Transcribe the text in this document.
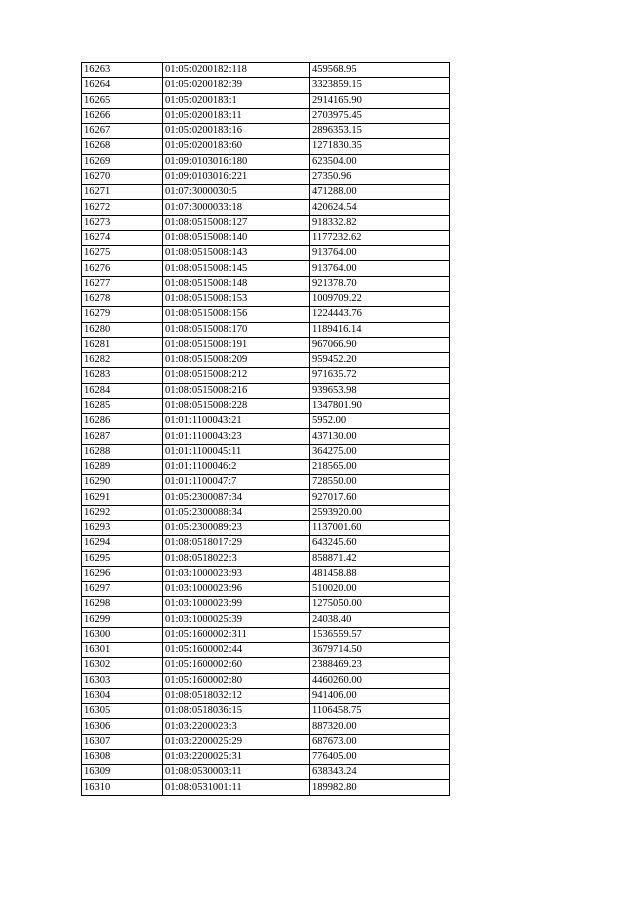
16263	01:05:0200182:118	459568.95
16264	01:05:0200182:39	3323859.15
16265	01:05:0200183:1	2914165.90
16266	01:05:0200183:11	2703975.45
16267	01:05:0200183:16	2896353.15
16268	01:05:0200183:60	1271830.35
16269	01:09:0103016:180	623504.00
16270	01:09:0103016:221	27350.96
16271	01:07:3000030:5	471288.00
16272	01:07:3000033:18	420624.54
16273	01:08:0515008:127	918332.82
16274	01:08:0515008:140	1177232.62
16275	01:08:0515008:143	913764.00
16276	01:08:0515008:145	913764.00
16277	01:08:0515008:148	921378.70
16278	01:08:0515008:153	1009709.22
16279	01:08:0515008:156	1224443.76
16280	01:08:0515008:170	1189416.14
16281	01:08:0515008:191	967066.90
16282	01:08:0515008:209	959452.20
16283	01:08:0515008:212	971635.72
16284	01:08:0515008:216	939653.98
16285	01:08:0515008:228	1347801.90
16286	01:01:1100043:21	5952.00
16287	01:01:1100043:23	437130.00
16288	01:01:1100045:11	364275.00
16289	01:01:1100046:2	218565.00
16290	01:01:1100047:7	728550.00
16291	01:05:2300087:34	927017.60
16292	01:05:2300088:34	2593920.00
16293	01:05:2300089:23	1137001.60
16294	01:08:0518017:29	643245.60
16295	01:08:0518022:3	858871.42
16296	01:03:1000023:93	481458.88
16297	01:03:1000023:96	510020.00
16298	01:03:1000023:99	1275050.00
16299	01:03:1000025:39	24038.40
16300	01:05:1600002:311	1536559.57
16301	01:05:1600002:44	3679714.50
16302	01:05:1600002:60	2388469.23
16303	01:05:1600002:80	4460260.00
16304	01:08:0518032:12	941406.00
16305	01:08:0518036:15	1106458.75
16306	01:03:2200023:3	887320.00
16307	01:03:2200025:29	687673.00
16308	01:03:2200025:31	776405.00
16309	01:08:0530003:11	638343.24
16310	01:08:0531001:11	189982.80
